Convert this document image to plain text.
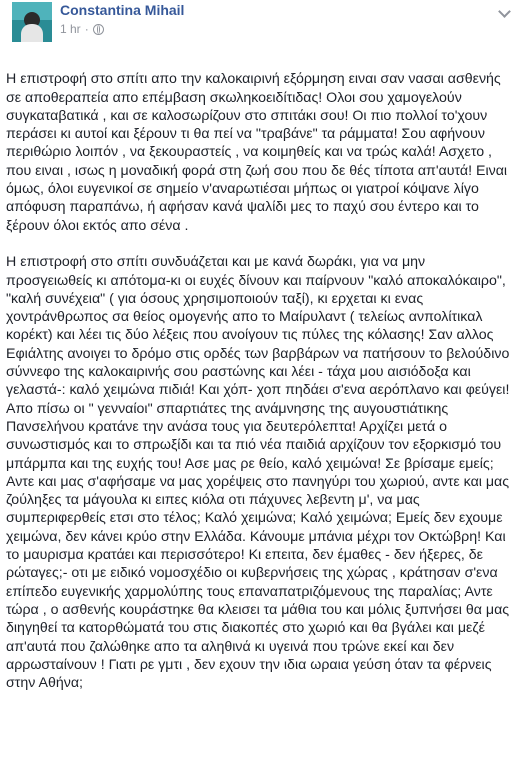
Constantina Mihail
1 hr ·

Η επιστροφή στο σπίτι απο την καλοκαιρινή εξόρμηση ειναι σαν νασαι ασθενής σε αποθεραπεία απο επέμβαση σκωληκοειδίτιδας! Ολοι σου χαμογελούν συγκαταβατικά , και σε καλοσωρίζουν στο σπιτάκι σου! Οι πιο πολλοί το'χουν περάσει κι αυτοί και ξέρουν τι θα πεί να "τραβάνε" τα ράμματα! Σου αφήνουν περιθώριο λοιπόν , να ξεκουραστείς , να κοιμηθείς και να τρώς καλά! Ασχετο , που ειναι , ισως η μοναδική φορά στη ζωή σου που δε θές τίποτα απ'αυτά! Ειναι όμως, όλοι ευγενικοί σε σημείο ν'αναρωτιέσαι μήπως οι γιατροί κόψανε λίγο απόφυση παραπάνω, ή αφήσαν κανά ψαλίδι μες το παχύ σου έντερο και το ξέρουν όλοι εκτός απο σένα .

Η επιστροφή στο σπίτι συνδυάζεται και με κανά δωράκι, για να μην προσγειωθείς κι απότομα-κι οι ευχές δίνουν και παίρνουν "καλό αποκαλόκαιρο", "καλή συνέχεια" ( για όσους χρησιμοποιούν ταξί), κι ερχεται κι ενας χοντράνθρωπος σα θείος ομογενής απο το Μαίρυλαντ ( τελείως ανπολίτικαλ κορέκτ) και λέει τις δύο λέξεις που ανοίγουν τις πύλες της κόλασης! Σαν αλλος Εφιάλτης ανοιγει το δρόμο στις ορδές των βαρβάρων να πατήσουν το βελούδινο σύννεφο της καλοκαιρινής σου ραστώνης και λέει - τάχα μου αισιόδοξα και γελαστά-: καλό χειμώνα πιδιά! Και χόπ- χοπ πηδάει σ'ενα αερόπλανο και φεύγει! Απο πίσω οι " γενναίοι" σπαρτιάτες της ανάμνησης της αυγουστιάτικης Πανσελήνου κρατάνε την ανάσα τους για δευτερόλεπτα! Αρχίζει μετά ο συνωστισμός και το σπρωξίδι και τα πιό νέα παιδιά αρχίζουν τον εξορκισμό του μπάρμπα και της ευχής του! Ασε μας ρε θείο, καλό χειμώνα! Σε βρίσαμε εμείς; Αντε και μας σ'αφήσαμε να μας χορέψεις στο πανηγύρι του χωριού, αντε και μας ζούληξες τα μάγουλα κι ειπες κιόλα οτι πάχυνες λεβεντη μ', να μας συμπεριφερθείς ετσι στο τέλος; Καλό χειμώνα; Καλό χειμώνα; Εμείς δεν εχουμε χειμώνα, δεν κάνει κρύο στην Ελλάδα. Κάνουμε μπάνια μέχρι τον Οκτώβρη! Και το μαυρισμα κρατάει και περισσότερο! Κι επειτα, δεν έμαθες - δεν ήξερες, δε ρώταγες;- οτι με ειδικό νομοσχέδιο οι κυβερνήσεις της χώρας , κράτησαν σ'ενα επίπεδο ευγενικής χαρμολύπης τους επαναπατριζόμενους της παραλίας; Αντε τώρα , ο ασθενής κουράστηκε θα κλεισει τα μάθια του και μόλις ξυπνήσει θα μας διηγηθεί τα κατορθώματά του στις διακοπές στο χωριό και θα βγάλει και μεζέ απ'αυτά που ζαλώθηκε απο τα αληθινά κι υγεινά που τρώνε εκεί και δεν αρρωσταίνουν ! Γιατι ρε γμτι , δεν εχουν την ιδια ωραια γεύση όταν τα φέρνεις στην Αθήνα;
